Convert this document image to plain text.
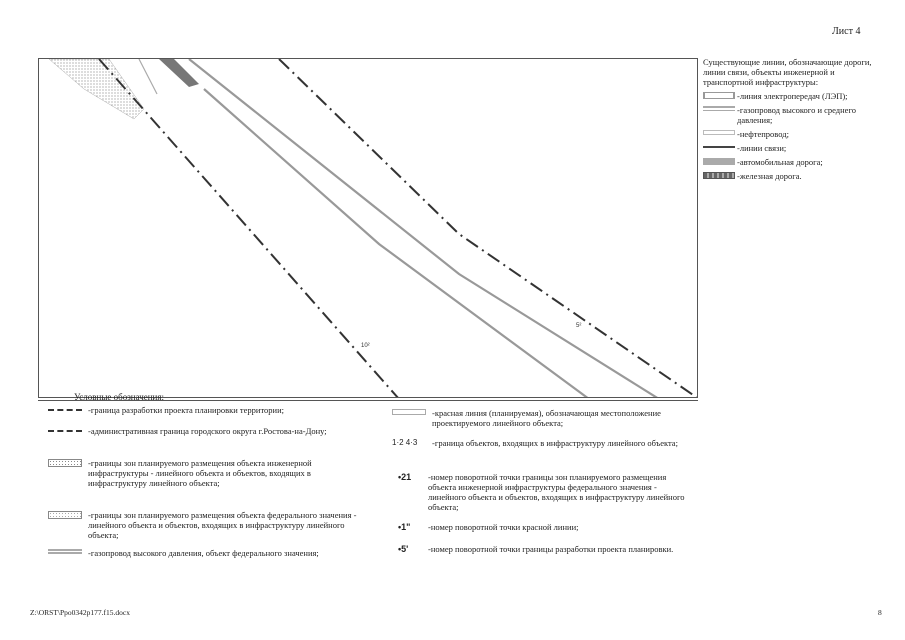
Лист 4
5²
10²
Существующие линии, обозначающие дороги, линии связи, объекты инженерной и транспортной инфраструктуры:
-линия электропередач (ЛЭП);
-газопровод высокого и среднего давления;
-нефтепровод;
-линии связи;
-автомобильная дорога;
-железная дорога.
Условные обозначения:
-граница разработки проекта планировки территории;
-административная граница городского округа г.Ростова-на-Дону;
-границы зон планируемого размещения объекта инженерной инфраструктуры - линейного объекта и объектов, входящих в инфраструктуру линейного объекта;
-границы зон планируемого размещения объекта федерального значения - линейного объекта и объектов, входящих в инфраструктуру линейного объекта;
-газопровод высокого давления, объект федерального значения;
-красная линия (планируемая), обозначающая местоположение проектируемого линейного объекта;
1·2 4·3	-граница объектов, входящих в инфраструктуру линейного объекта;
•21	-номер поворотной точки границы зон планируемого размещения объекта инженерной инфраструктуры федерального значения - линейного объекта и объектов, входящих в инфраструктуру линейного объекта;
•1"	-номер поворотной точки красной линии;
•5'	-номер поворотной точки границы разработки проекта планировки.
Z:\ORST\Ppo0342p177.f15.docx	8
